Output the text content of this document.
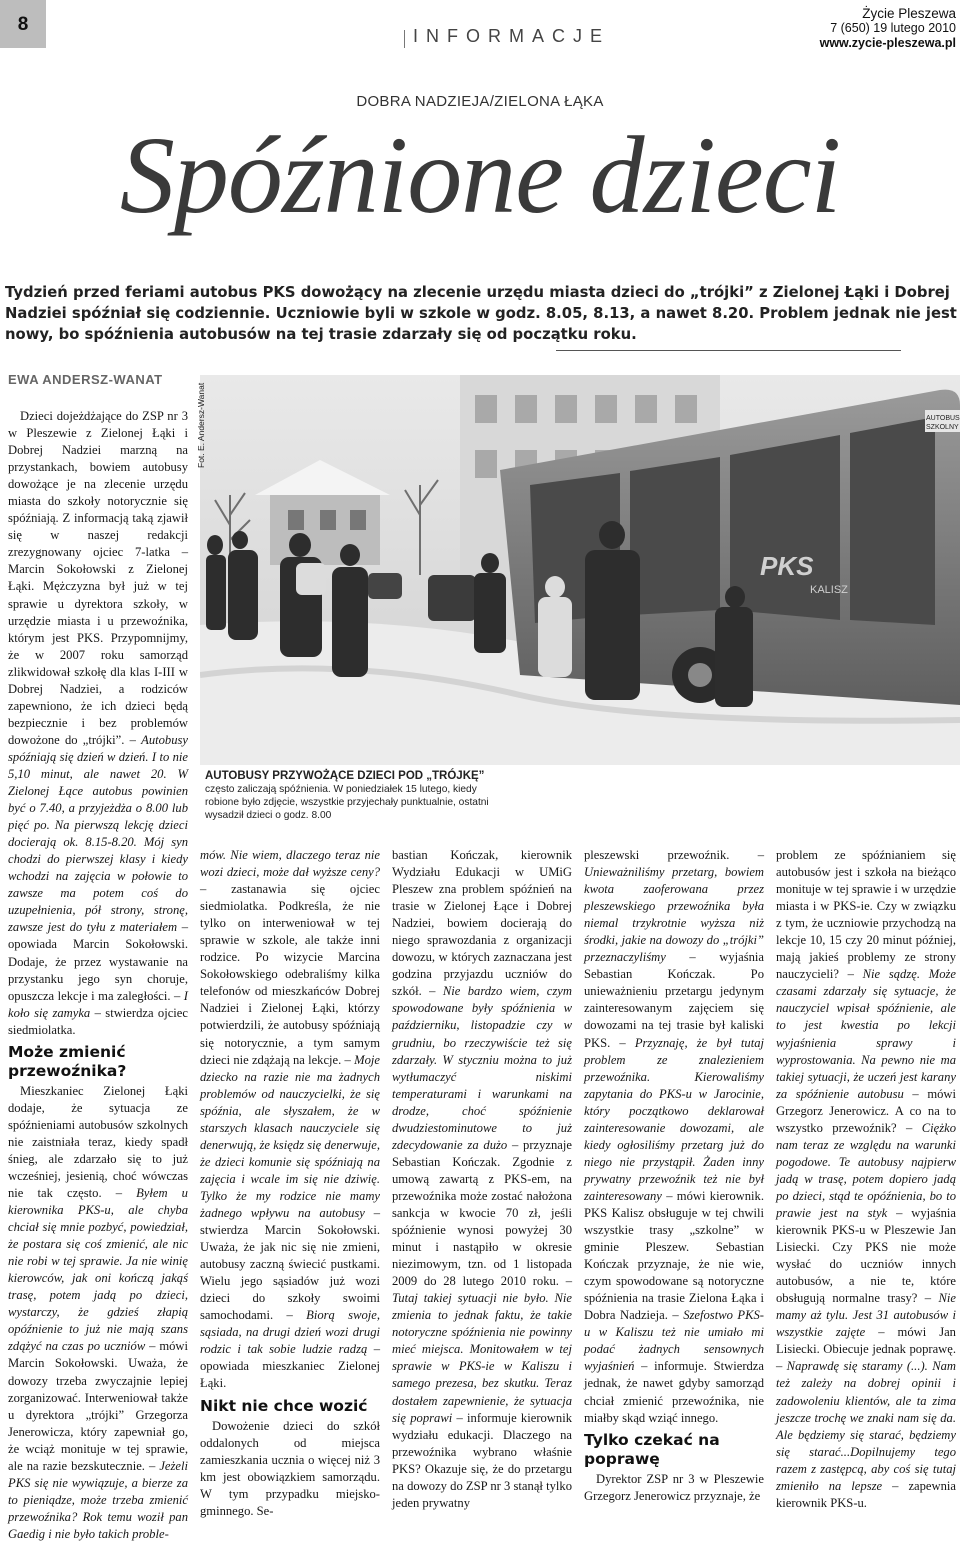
8
INFORMACJE
Życie Pleszewa
7 (650) 19 lutego 2010
www.zycie-pleszewa.pl
DOBRA NADZIEJA/ZIELONA ŁĄKA
Spóźnione dzieci
Tydzień przed feriami autobus PKS dowożący na zlecenie urzędu miasta dzieci do „trójki” z Zielonej Łąki i Dobrej Nadziei spóźniał się codziennie. Uczniowie byli w szkole w godz. 8.05, 8.13, a nawet 8.20. Problem jednak nie jest nowy, bo spóźnienia autobusów na tej trasie zdarzały się od początku roku.
EWA ANDERSZ-WANAT
AUTOBUS
SZKOLNY
PKS
KALISZ
Fot. E. Andersz-Wanat
AUTOBUSY PRZYWOŻĄCE DZIECI POD „TRÓJKĘ”
często zaliczają spóźnienia. W poniedziałek 15 lutego, kiedy robione było zdjęcie, wszystkie przyjechały punktualnie, ostatni wysadził dzieci o godz. 8.00

Dzieci dojeżdżające do ZSP nr 3 w Pleszewie z Zielonej Łąki i Dobrej Nadziei marzną na przystankach, bowiem autobusy dowożące je na zlecenie urzędu miasta do szkoły notorycznie się spóźniają. Z informacją taką zjawił się w naszej redakcji zrezygnowany ojciec 7-latka – Marcin Sokołowski z Zielonej Łąki. Mężczyzna był już w tej sprawie u dyrektora szkoły, w urzędzie miasta i u przewoźnika, którym jest PKS. Przypomnijmy, że w 2007 roku samorząd zlikwidował szkołę dla klas I-III w Dobrej Nadziei, a rodziców zapewniono, że ich dzieci będą bezpiecznie i bez problemów dowożone do „trójki”. – Autobusy spóźniają się dzień w dzień. I to nie 5,10 minut, ale nawet 20. W Zielonej Łące autobus powinien być o 7.40, a przyjeżdża o 8.00 lub pięć po. Na pierwszą lekcję dzieci docierają ok. 8.15-8.20. Mój syn chodzi do pierwszej klasy i kiedy wchodzi na zajęcia w połowie to zawsze ma potem coś do uzupełnienia, pół strony, stronę, zawsze jest do tyłu z materiałem – opowiada Marcin Sokołowski. Dodaje, że przez wystawanie na przystanku jego syn choruje, opuszcza lekcje i ma zaległości. – I koło się zamyka – stwierdza ojciec siedmiolatka.

Może zmienić przewoźnika?

Mieszkaniec Zielonej Łąki dodaje, że sytuacja ze spóźnieniami autobusów szkolnych nie zaistniała teraz, kiedy spadł śnieg, ale zdarzało się to już wcześniej, jesienią, choć wówczas nie tak często. – Byłem u kierownika PKS-u, ale chyba chciał się mnie pozbyć, powiedział, że postara się coś zmienić, ale nic nie robi w tej sprawie. Ja nie winię kierowców, jak oni kończą jakąś trasę, potem jadą po dzieci, wystarczy, że gdzieś złapią opóźnienie to już nie mają szans zdążyć na czas po uczniów – mówi Marcin Sokołowski. Uważa, że dowozy trzeba zwyczajnie lepiej zorganizować. Interweniował także u dyrektora „trójki” Grzegorza Jenerowicza, który zapewniał go, że wciąż monituje w tej sprawie, ale na razie bezskutecznie. – Jeżeli PKS się nie wywiązuje, a bierze za to pieniądze, może trzeba zmienić przewoźnika? Rok temu woził pan Gaedig i nie było takich proble-

mów. Nie wiem, dlaczego teraz nie wozi dzieci, może dał wyższe ceny? – zastanawia się ojciec siedmiolatka. Podkreśla, że nie tylko on interweniował w tej sprawie w szkole, ale także inni rodzice. Po wizycie Marcina Sokołowskiego odebraliśmy kilka telefonów od mieszkańców Dobrej Nadziei i Zielonej Łąki, którzy potwierdzili, że autobusy spóźniają się notorycznie, a tym samym dzieci nie zdążają na lekcje. – Moje dziecko na razie nie ma żadnych problemów od nauczycielki, że się spóźnia, ale słyszałem, że w starszych klasach nauczyciele się denerwują, że księdz się denerwuje, że dzieci komunie się spóźniają na zajęcia i wcale im się nie dziwię. Tylko że my rodzice nie mamy żadnego wpływu na autobusy – stwierdza Marcin Sokołowski. Uważa, że jak nic się nie zmieni, autobusy zaczną świecić pustkami. Wielu jego sąsiadów już wozi dzieci do szkoły swoimi samochodami. – Biorą swoje, sąsiada, na drugi dzień wozi drugi rodzic i tak sobie ludzie radzą – opowiada mieszkaniec Zielonej Łąki.

Nikt nie chce wozić

Dowożenie dzieci do szkół oddalonych od miejsca zamieszkania ucznia o więcej niż 3 km jest obowiązkiem samorządu. W tym przypadku miejsko-gminnego. Se-

bastian Kończak, kierownik Wydziału Edukacji w UMiG Pleszew zna problem spóźnień na trasie w Zielonej Łące i Dobrej Nadziei, bowiem docierają do niego sprawozdania z organizacji dowozu, w których zaznaczana jest godzina przyjazdu uczniów do szkół. – Nie bardzo wiem, czym spowodowane były spóźnienia w październiku, listopadzie czy w grudniu, bo rzeczywiście też się zdarzały. W styczniu można to już wytłumaczyć niskimi temperaturami i warunkami na drodze, choć spóźnienie dwudziestominutowe to już zdecydowanie za dużo – przyznaje Sebastian Kończak. Zgodnie z umową zawartą z PKS-em, na przewoźnika może zostać nałożona sankcja w kwocie 70 zł, jeśli spóźnienie wynosi powyżej 30 minut i nastąpiło w okresie niezimowym, tzn. od 1 listopada 2009 do 28 lutego 2010 roku. – Tutaj takiej sytuacji nie było. Nie zmienia to jednak faktu, że takie notoryczne spóźnienia nie powinny mieć miejsca. Monitowałem w tej sprawie w PKS-ie w Kaliszu i samego prezesa, bez skutku. Teraz dostałem zapewnienie, że sytuacja się poprawi – informuje kierownik wydziału edukacji. Dlaczego na przewoźnika wybrano właśnie PKS? Okazuje się, że do przetargu na dowozy do ZSP nr 3 stanął tylko jeden prywatny

pleszewski przewoźnik. – Unieważniliśmy przetarg, bowiem kwota zaoferowana przez pleszewskiego przewoźnika była niemal trzykrotnie wyższa niż środki, jakie na dowozy do „trójki” przeznaczyliśmy – wyjaśnia Sebastian Kończak. Po unieważnieniu przetargu jedynym zainteresowanym zajęciem się dowozami na tej trasie był kaliski PKS. – Przyznaję, że był tutaj problem ze znalezieniem przewoźnika. Kierowaliśmy zapytania do PKS-u w Jarocinie, który początkowo deklarował zainteresowanie dowozami, ale kiedy ogłosiliśmy przetarg już do niego nie przystąpił. Żaden inny prywatny przewoźnik też nie był zainteresowany – mówi kierownik. PKS Kalisz obsługuje w tej chwili wszystkie trasy „szkolne” w gminie Pleszew. Sebastian Kończak przyznaje, że nie wie, czym spowodowane są notoryczne spóźnienia na trasie Zielona Łąka i Dobra Nadzieja. – Szefostwo PKS-u w Kaliszu też nie umiało mi podać żadnych sensownych wyjaśnień – informuje. Stwierdza jednak, że nawet gdyby samorząd chciał zmienić przewoźnika, nie miałby skąd wziąć innego.

Tylko czekać na poprawę

Dyrektor ZSP nr 3 w Pleszewie Grzegorz Jenerowicz przyznaje, że

problem ze spóźnianiem się autobusów jest i szkoła na bieżąco monituje w tej sprawie i w urzędzie miasta i w PKS-ie. Czy w związku z tym, że uczniowie przychodzą na lekcje 10, 15 czy 20 minut później, mają jakieś problemy ze strony nauczycieli? – Nie sądzę. Może czasami zdarzały się sytuacje, że nauczyciel wpisał spóźnienie, ale to jest kwestia po lekcji wyjaśnienia sprawy i wyprostowania. Na pewno nie ma takiej sytuacji, że uczeń jest karany za spóźnienie autobusu – mówi Grzegorz Jenerowicz. A co na to wszystko przewoźnik? – Ciężko nam teraz ze względu na warunki pogodowe. Te autobusy najpierw jadą w trasę, potem dopiero jadą po dzieci, stąd te opóźnienia, bo to prawie jest na styk – wyjaśnia kierownik PKS-u w Pleszewie Jan Lisiecki. Czy PKS nie może wysłać do uczniów innych autobusów, a nie te, które obsługują normalne trasy? – Nie mamy aż tylu. Jest 31 autobusów i wszystkie zajęte – mówi Jan Lisiecki. Obiecuje jednak poprawę. – Naprawdę się staramy (...). Nam też zależy na dobrej opinii i zadowoleniu klientów, ale ta zima jeszcze trochę we znaki nam się da. Ale będziemy się starać, będziemy się starać...Dopilnujemy tego razem z zastępcą, aby coś się tutaj zmieniło na lepsze – zapewnia kierownik PKS-u.
